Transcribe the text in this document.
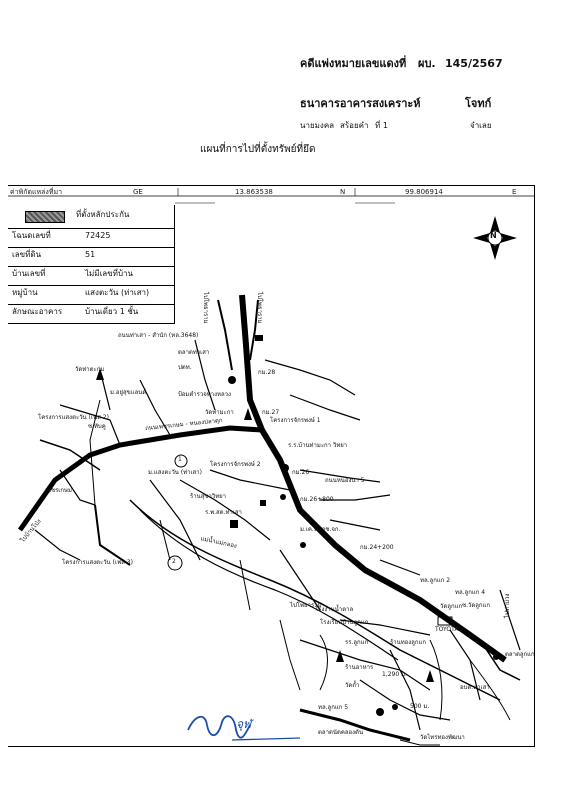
คดีแพ่งหมายเลขแดงที่ ผบ. 145/2567
ธนาคารอาคารสงเคราะห์	โจทก์
นายมงคล สร้อยคำ ที่ 1	จำเลย
แผนที่การไปที่ตั้งทรัพย์ที่ยึด
ค่าพิกัดแหล่งที่มา	GE	13.863538	N	99.806914	E
ที่ตั้งหลักประกัน
โฉนดเลขที่	72425
เลขที่ดิน	51
บ้านเลขที่	ไม่มีเลขที่บ้าน
หมู่บ้าน	แสงตะวัน (ท่าเสา)
ลักษณะอาคาร	บ้านเดี่ยว 1 ชั้น
N
ไปโพธาราม	ไปโพธาราม
ถนนท่าเสา - สำนัก (ทล.3648)
กม.28
กม.27
กม.26
กม.26+800
กม.24+200
วัดท่าตะกุ่ม
ม.อยู่สุขแลนด์
โครงการแสงตะวัน (เฟส 2)
ซ.ทับคู
ไปบ้านโป่ง
เพชรเกษม
โครงการแสงตะวัน (เฟส 3)	2
1
ถนนเพชรเกษม - หนองปลาดุก
ปตท.
ตลาดท่าเสา
ป้อมตำรวจทางหลวง
วัดท่ามะกา
โครงการจักรพงษ์ 1
โครงการจักรพงษ์ 2
ร.ร.บ้านท่ามะกา วิทยา
ม.แสงตะวัน (ท่าเสา)
ร.พ.สต.ท่าเสา
ร้านสุขาวิทยา
ถนนหนองนา 5
แม่น้ำแม่กลอง
ไปโพธาราม
ม.เค.ที.เอช.จก.
โรงงานน้ำตาล	วัดลูกแก
โรงเรียนบ้านลูกแก
TOYOTA
1,290 ม.
500 ม.
ตลาดลูกแก
ร้านอาหาร
วัดถ้ำ
รร.ลูกแก	ร้านทองลูกแก
ทล.ลูกแก 2
ทล.ลูกแก 4
ซ.วัดลูกแก ไปท่าม่วง
อบต.ท่าเสา
วัดไทรทองพัฒนา
ทล.ลูกแก 5
ตลาดนัดคลองตัน
จุฬ
